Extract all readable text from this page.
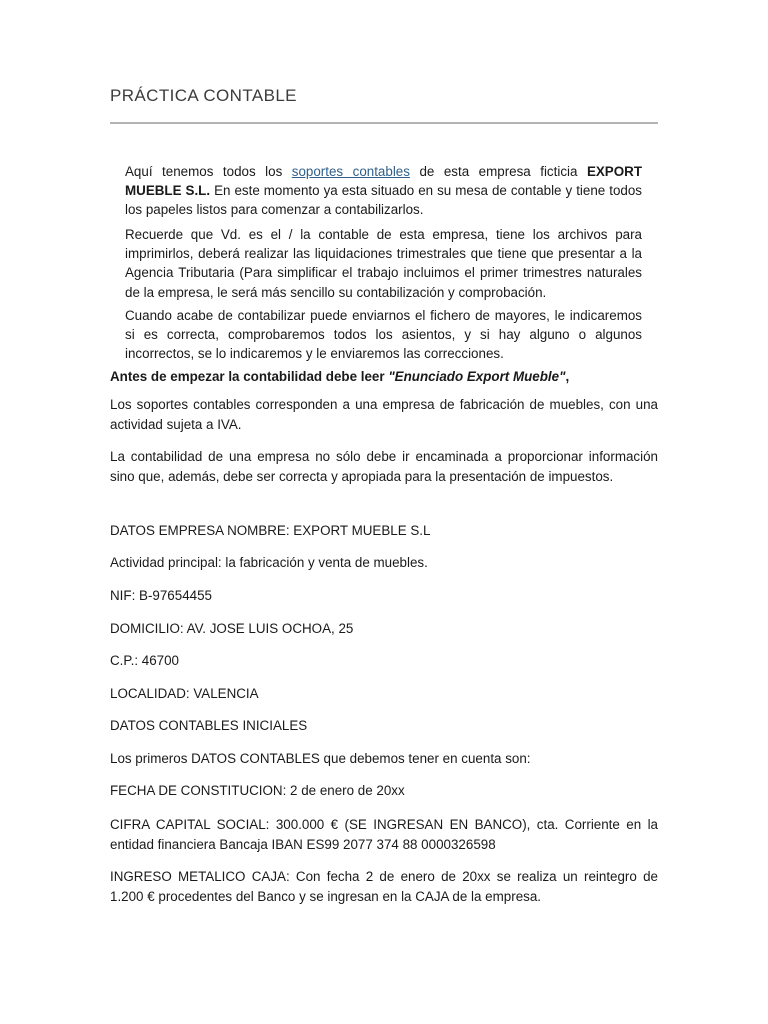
PRÁCTICA CONTABLE

Aquí tenemos todos los soportes contables de esta empresa ficticia EXPORT MUEBLE S.L. En este momento ya esta situado en su mesa de contable y tiene todos los papeles listos para comenzar a contabilizarlos.

Recuerde que Vd. es el / la contable de esta empresa, tiene los archivos para imprimirlos, deberá realizar las liquidaciones trimestrales que tiene que presentar a la Agencia Tributaria (Para simplificar el trabajo incluimos el primer trimestres naturales de la empresa, le será más sencillo su contabilización y comprobación.

Cuando acabe de contabilizar puede enviarnos el fichero de mayores, le indicaremos si es correcta, comprobaremos todos los asientos, y si hay alguno o algunos incorrectos, se lo indicaremos y le enviaremos las correcciones.

Antes de empezar la contabilidad debe leer "Enunciado Export Mueble",

Los soportes contables corresponden a una empresa de fabricación de muebles, con una actividad sujeta a IVA.

La contabilidad de una empresa no sólo debe ir encaminada a proporcionar información sino que, además, debe ser correcta y apropiada para la presentación de impuestos.

DATOS EMPRESA NOMBRE: EXPORT MUEBLE S.L

Actividad principal: la fabricación y venta de muebles.

NIF: B-97654455

DOMICILIO: AV. JOSE LUIS OCHOA, 25

C.P.: 46700

LOCALIDAD: VALENCIA

DATOS CONTABLES INICIALES

Los primeros DATOS CONTABLES que debemos tener en cuenta son:

FECHA DE CONSTITUCION: 2 de enero de 20xx

CIFRA CAPITAL SOCIAL: 300.000 € (SE INGRESAN EN BANCO), cta. Corriente en la entidad financiera Bancaja IBAN ES99 2077 374 88 0000326598

INGRESO METALICO CAJA: Con fecha 2 de enero de 20xx se realiza un reintegro de 1.200 € procedentes del Banco y se ingresan en la CAJA de la empresa.
